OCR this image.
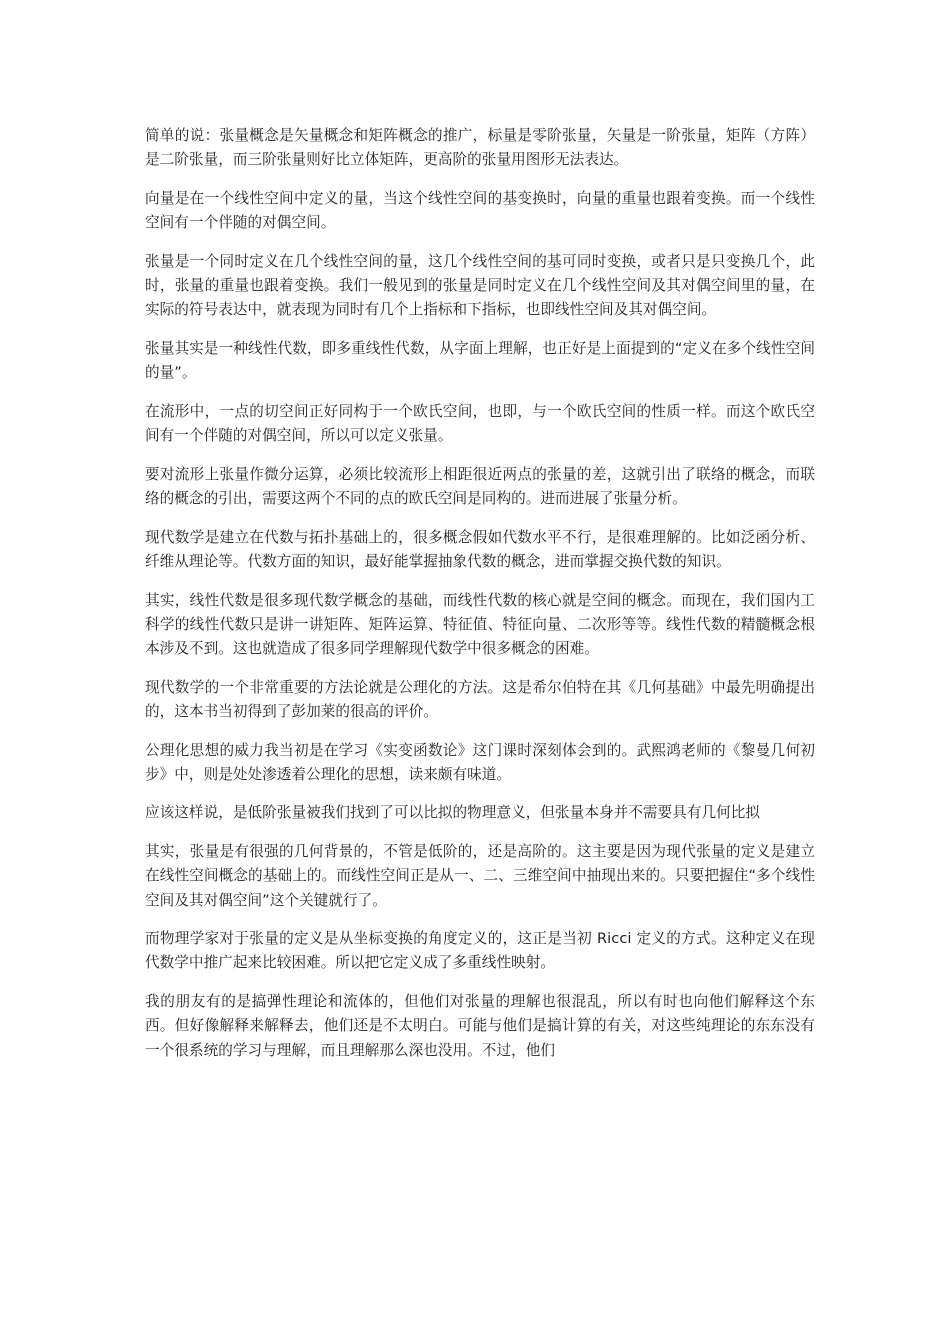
简单的说：张量概念是矢量概念和矩阵概念的推广，标量是零阶张量，矢量是一阶张量，矩阵（方阵）是二阶张量，而三阶张量则好比立体矩阵，更高阶的张量用图形无法表达。

向量是在一个线性空间中定义的量，当这个线性空间的基变换时，向量的重量也跟着变换。而一个线性空间有一个伴随的对偶空间。

张量是一个同时定义在几个线性空间的量，这几个线性空间的基可同时变换，或者只是只变换几个，此时，张量的重量也跟着变换。我们一般见到的张量是同时定义在几个线性空间及其对偶空间里的量，在实际的符号表达中，就表现为同时有几个上指标和下指标，也即线性空间及其对偶空间。

张量其实是一种线性代数，即多重线性代数，从字面上理解，也正好是上面提到的“定义在多个线性空间的量”。

在流形中，一点的切空间正好同构于一个欧氏空间，也即，与一个欧氏空间的性质一样。而这个欧氏空间有一个伴随的对偶空间，所以可以定义张量。

要对流形上张量作微分运算，必须比较流形上相距很近两点的张量的差，这就引出了联络的概念，而联络的概念的引出，需要这两个不同的点的欧氏空间是同构的。进而进展了张量分析。

现代数学是建立在代数与拓扑基础上的，很多概念假如代数水平不行，是很难理解的。比如泛函分析、纤维从理论等。代数方面的知识，最好能掌握抽象代数的概念，进而掌握交换代数的知识。

其实，线性代数是很多现代数学概念的基础，而线性代数的核心就是空间的概念。而现在，我们国内工科学的线性代数只是讲一讲矩阵、矩阵运算、特征值、特征向量、二次形等等。线性代数的精髓概念根本涉及不到。这也就造成了很多同学理解现代数学中很多概念的困难。

现代数学的一个非常重要的方法论就是公理化的方法。这是希尔伯特在其《几何基础》中最先明确提出的，这本书当初得到了彭加莱的很高的评价。

公理化思想的威力我当初是在学习《实变函数论》这门课时深刻体会到的。武熙鸿老师的《黎曼几何初步》中，则是处处渗透着公理化的思想，读来颇有味道。

应该这样说，是低阶张量被我们找到了可以比拟的物理意义，但张量本身并不需要具有几何比拟

其实，张量是有很强的几何背景的，不管是低阶的，还是高阶的。这主要是因为现代张量的定义是建立在线性空间概念的基础上的。而线性空间正是从一、二、三维空间中抽现出来的。只要把握住“多个线性空间及其对偶空间”这个关键就行了。

而物理学家对于张量的定义是从坐标变换的角度定义的，这正是当初 Ricci 定义的方式。这种定义在现代数学中推广起来比较困难。所以把它定义成了多重线性映射。

我的朋友有的是搞弹性理论和流体的，但他们对张量的理解也很混乱，所以有时也向他们解释这个东西。但好像解释来解释去，他们还是不太明白。可能与他们是搞计算的有关，对这些纯理论的东东没有一个很系统的学习与理解，而且理解那么深也没用。不过，他们
